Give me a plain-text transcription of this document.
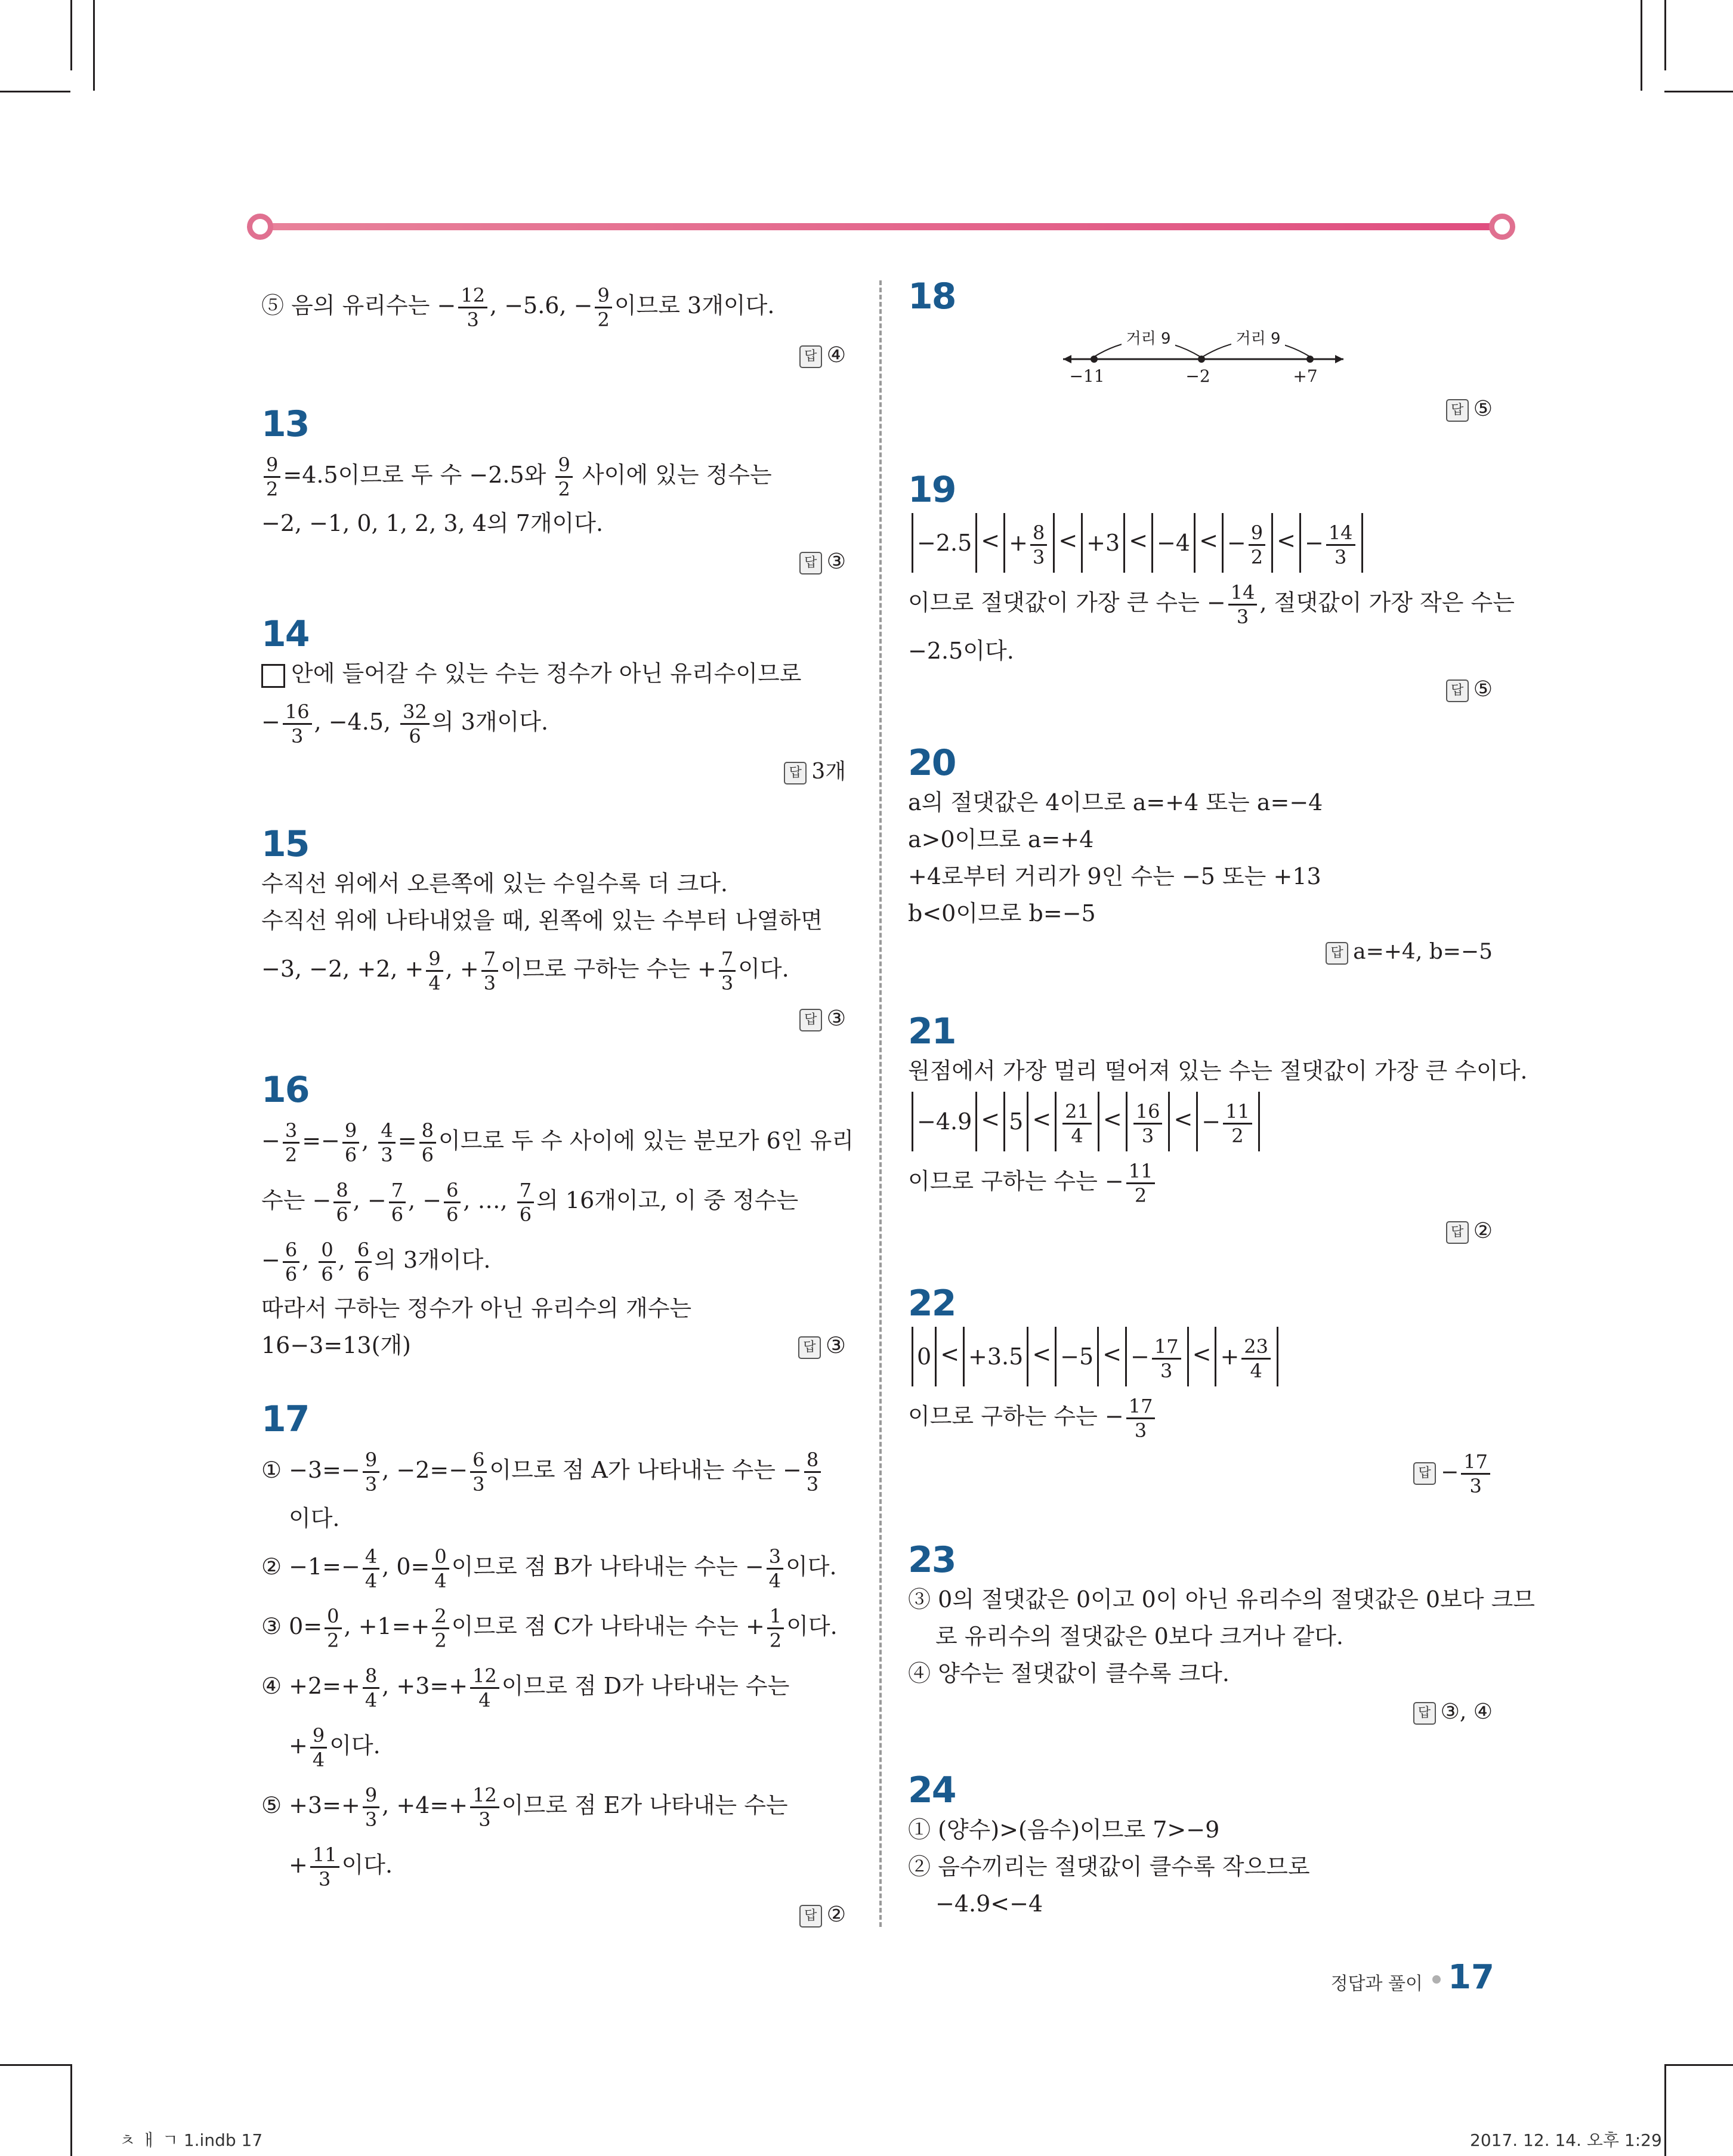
⑤ 음의 유리수는 − $\frac{12}{3}$ , −5.6, − $\frac{9}{2}$ 이므로 3개이다.
답 ④
13
$\frac{9}{2} =4.5$이므로 두 수 −2.5와 $\frac{9}{2}$ 사이에 있는 정수는
−2, −1, 0, 1, 2, 3, 4의 7개이다.
답 ③
14
안에 들어갈 수 있는 수는 정수가 아닌 유리수이므로
− $\frac{16}{3}$ , −4.5, $\frac{32}{6}$ 의 3개이다.
답 3개
15
수직선 위에서 오른쪽에 있는 수일수록 더 크다.
수직선 위에 나타내었을 때, 왼쪽에 있는 수부터 나열하면
−3, −2, +2, + $\frac{9}{4}$ , + $\frac{7}{3}$ 이므로 구하는 수는 + $\frac{7}{3}$ 이다.
답 ③
16
− $\frac{3}{2} =- \frac{9}{6}$ , $\frac{4}{3} = \frac{8}{6}$ 이므로 두 수 사이에 있는 분모가 6인 유리
수는 − $\frac{8}{6}$ , − $\frac{7}{6}$ , − $\frac{6}{6}$ , …, $\frac{7}{6}$ 의 16개이고, 이 중 정수는
− $\frac{6}{6}$ , $\frac{0}{6}$ , $\frac{6}{6}$ 의 3개이다.
따라서 구하는 정수가 아닌 유리수의 개수는
16−3=13(개)	답 ③
17
① $-3=- \frac{9}{3}$ , $-2=- \frac{6}{3}$ 이므로 점 A가 나타내는 수는 − $\frac{8}{3}$
이다.
② $-1=- \frac{4}{4}$ , $0= \frac{0}{4}$ 이므로 점 B가 나타내는 수는 − $\frac{3}{4}$ 이다.
③ $0= \frac{0}{2}$ , $+1=+ \frac{2}{2}$ 이므로 점 C가 나타내는 수는 + $\frac{1}{2}$ 이다.
④ $+2=+ \frac{8}{4}$ , $+3=+ \frac{12}{4}$ 이므로 점 D가 나타내는 수는
+ $\frac{9}{4}$ 이다.
⑤ $+3=+ \frac{9}{3}$ , $+4=+ \frac{12}{3}$ 이므로 점 E가 나타내는 수는
+ $\frac{11}{3}$ 이다.
답 ②
18
거리 9	거리 9
−11	−2	+7
답 ⑤
19
−2.5 < + $\frac{8}{3} < +3 < -4$ < − $\frac{9}{2}$ < − $\frac{14}{3}$
이므로 절댓값이 가장 큰 수는 − $\frac{14}{3}$ , 절댓값이 가장 작은 수는
−2.5이다.
답 ⑤
20
a의 절댓값은 4이므로 a=+4 또는 a=−4
a>0이므로 a=+4
+4로부터 거리가 9인 수는 −5 또는 +13
b<0이므로 b=−5
답 a=+4, b=−5
21
원점에서 가장 멀리 떨어져 있는 수는 절댓값이 가장 큰 수이다.
$-4.9 < 5 < \frac{21}{4} < \frac{16}{3}$ < − $\frac{11}{2}$
이므로 구하는 수는 − $\frac{11}{2}$
답 ②
22
0 < +3.5 < −5 < − $\frac{17}{3}$ < + $\frac{23}{4}$
이므로 구하는 수는 − $\frac{17}{3}$
답 − $\frac{17}{3}$
23
③ 0의 절댓값은 0이고 0이 아닌 유리수의 절댓값은 0보다 크므
로 유리수의 절댓값은 0보다 크거나 같다.
④ 양수는 절댓값이 클수록 크다.
답 ③, ④
24
① (양수)>(음수)이므로 7>−9
② 음수끼리는 절댓값이 클수록 작으므로
−4.9<−4
정답과 풀이 17
ㅊ ㅐ ㄱ 1.indb 17	2017. 12. 14. 오후 1:29
